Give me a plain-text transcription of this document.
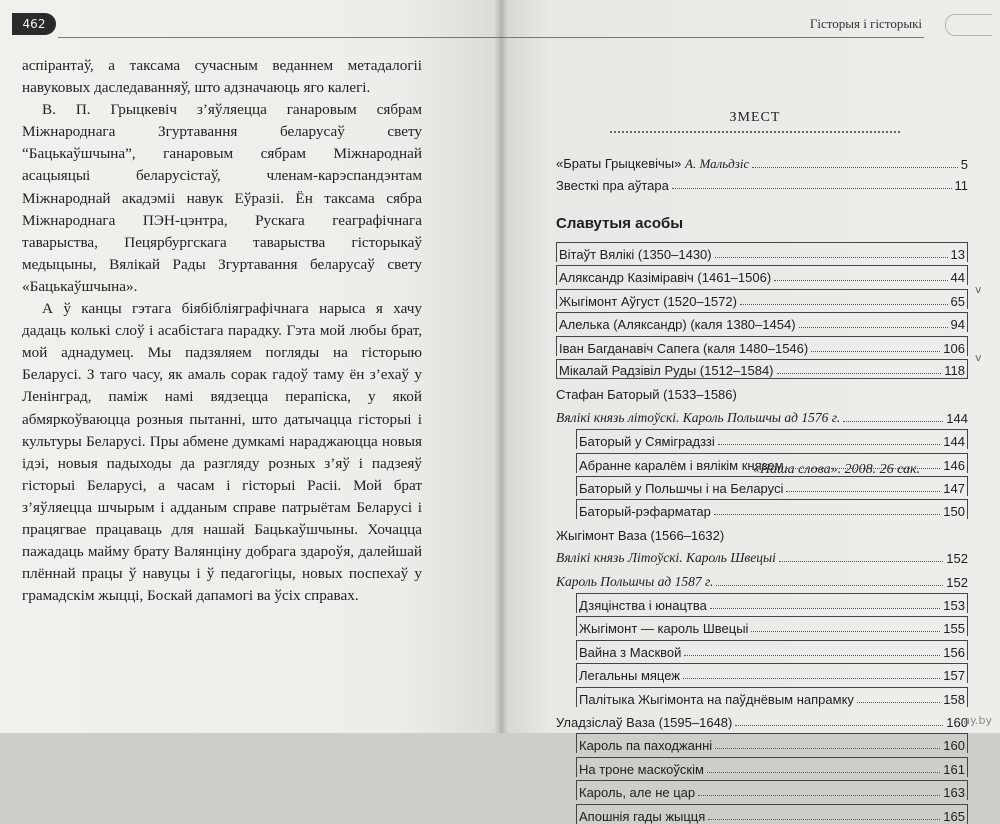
462	Гісторыя і гісторыкі

аспірантаў, а таксама сучасным веданнем метадалогіі навуковых даследаванняў, што адзначаюць яго калегі.

В. П. Грыцкевіч з’яўляецца ганаровым сябрам Міжнароднага Згуртавання беларусаў свету “Бацькаўшчына”, ганаровым сябрам Міжнароднай асацыяцыі беларусістаў, членам-карэспандэнтам Міжнароднай акадэміі навук Еўразіі. Ён таксама сябра Міжнароднага ПЭН-цэнтра, Рускага геаграфічнага таварыства, Пецярбургскага таварыства гісторыкаў медыцыны, Вялікай Рады Згуртавання беларусаў свету «Бацькаўшчына».

А ў канцы гэтага біябібліяграфічнага нарыса я хачу дадаць колькі слоў і асабістага парадку. Гэта мой любы брат, мой аднадумец. Мы падзяляем погляды на гісторыю Беларусі. З таго часу, як амаль сорак гадоў таму ён з’ехаў у Ленінград, паміж намі вядзецца перапіска, у якой абмяркоўваюцца розныя пытанні, што датычацца гісторыі і культуры Беларусі. Пры абмене думкамі нараджаюцца новыя ідэі, новыя падыходы да разгляду розных з’яў і падзеяў гісторыі Беларусі, а часам і гісторыі Расіі. Мой брат з’яўляецца шчырым і адданым справе патрыётам Беларусі і працягвае працаваць для нашай Бацькаўшчыны. Хочацца пажадаць майму брату Валянціну добрага здароўя, далейшай плённай працы ў навуцы і ў педагогіцы, новых поспехаў у грамадскім жыцці, Боскай дапамогі ва ўсіх справах.

«Наша слова». 2008. 26 сак.
ЗМЕСТ
«Браты Грыцкевічы» А. Мальдзіс	5
Звесткі пра аўтара	11
Славутыя асобы
Вітаўт Вялікі (1350–1430)	13
Аляксандр Казіміравіч (1461–1506)	44
Жыгімонт Аўгуст (1520–1572)	65
Алелька (Аляксандр) (каля 1380–1454)	94
Іван Багданавіч Сапега (каля 1480–1546)	106
Мікалай Радзівіл Руды (1512–1584)	118
Стафан Баторый (1533–1586)
Вялікі князь літоўскі. Кароль Польшчы ад 1576 г.	144
Баторый у Сяміградззі	144
Абранне каралём і вялікім князем	146
Баторый у Польшчы і на Беларусі	147
Баторый-рэфарматар	150
Жыгімонт Ваза (1566–1632)
Вялікі князь Літоўскі. Кароль Швецыі	152
Кароль Польшчы ад 1587 г.	152
Дзяцінства і юнацтва	153
Жыгімонт — кароль Швецыі	155
Вайна з Масквой	156
Легальны мяцеж	157
Палітыка Жыгімонта на паўднёвым напрамку	158
Уладзіслаў Ваза (1595–1648)	160
Кароль па паходжанні	160
На троне маскоўскім	161
Кароль, але не цар	163
Апошнія гады жыцця	165
v
v
ay.by
